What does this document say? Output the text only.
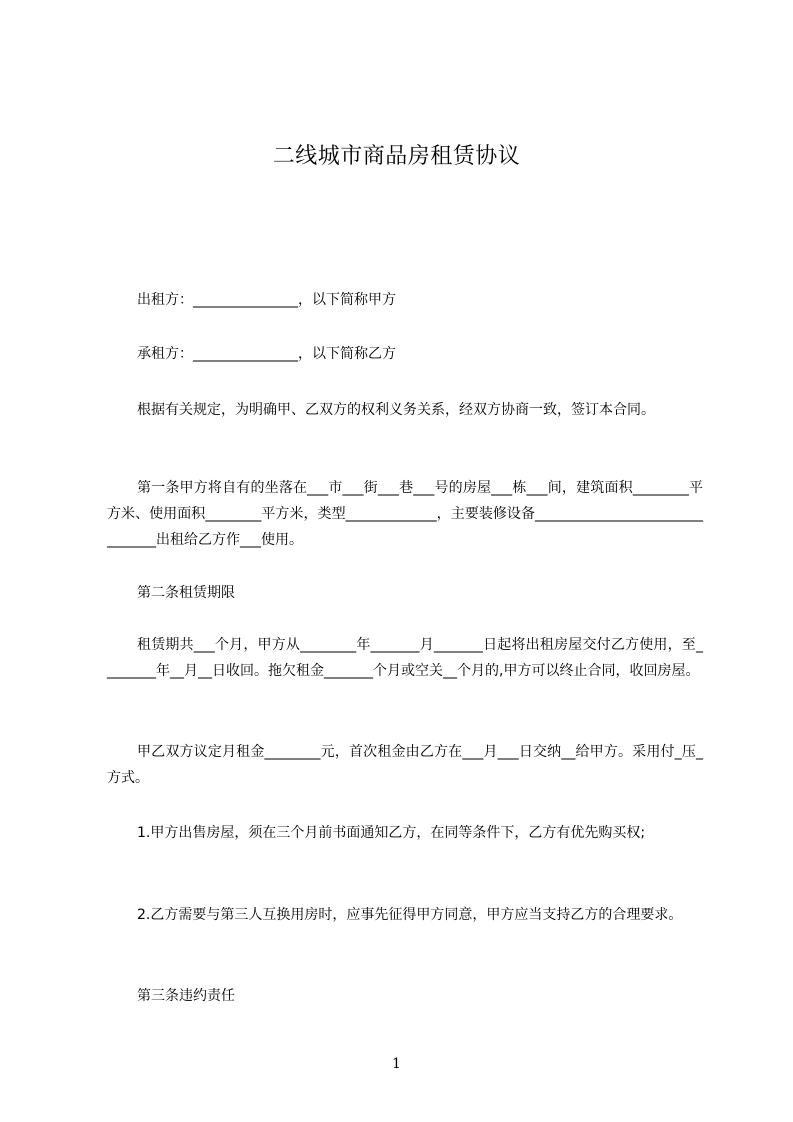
二线城市商品房租赁协议
出租方：_______________，以下简称甲方
承租方：_______________，以下简称乙方
根据有关规定，为明确甲、乙双方的权利义务关系，经双方协商一致，签订本合同。
第一条甲方将自有的坐落在___市___街___巷___号的房屋___栋___间，建筑面积________平方米、使用面积________平方米，类型_____________，主要装修设备_______________________________出租给乙方作___使用。
第二条租赁期限
租赁期共___个月，甲方从________年_______月_______日起将出租房屋交付乙方使用，至________年__月__日收回。拖欠租金_______个月或空关__个月的,甲方可以终止合同，收回房屋。
甲乙双方议定月租金________元，首次租金由乙方在___月___日交纳__给甲方。采用付_压_方式。
1.甲方出售房屋，须在三个月前书面通知乙方，在同等条件下，乙方有优先购买权;
2.乙方需要与第三人互换用房时，应事先征得甲方同意，甲方应当支持乙方的合理要求。
第三条违约责任
1
